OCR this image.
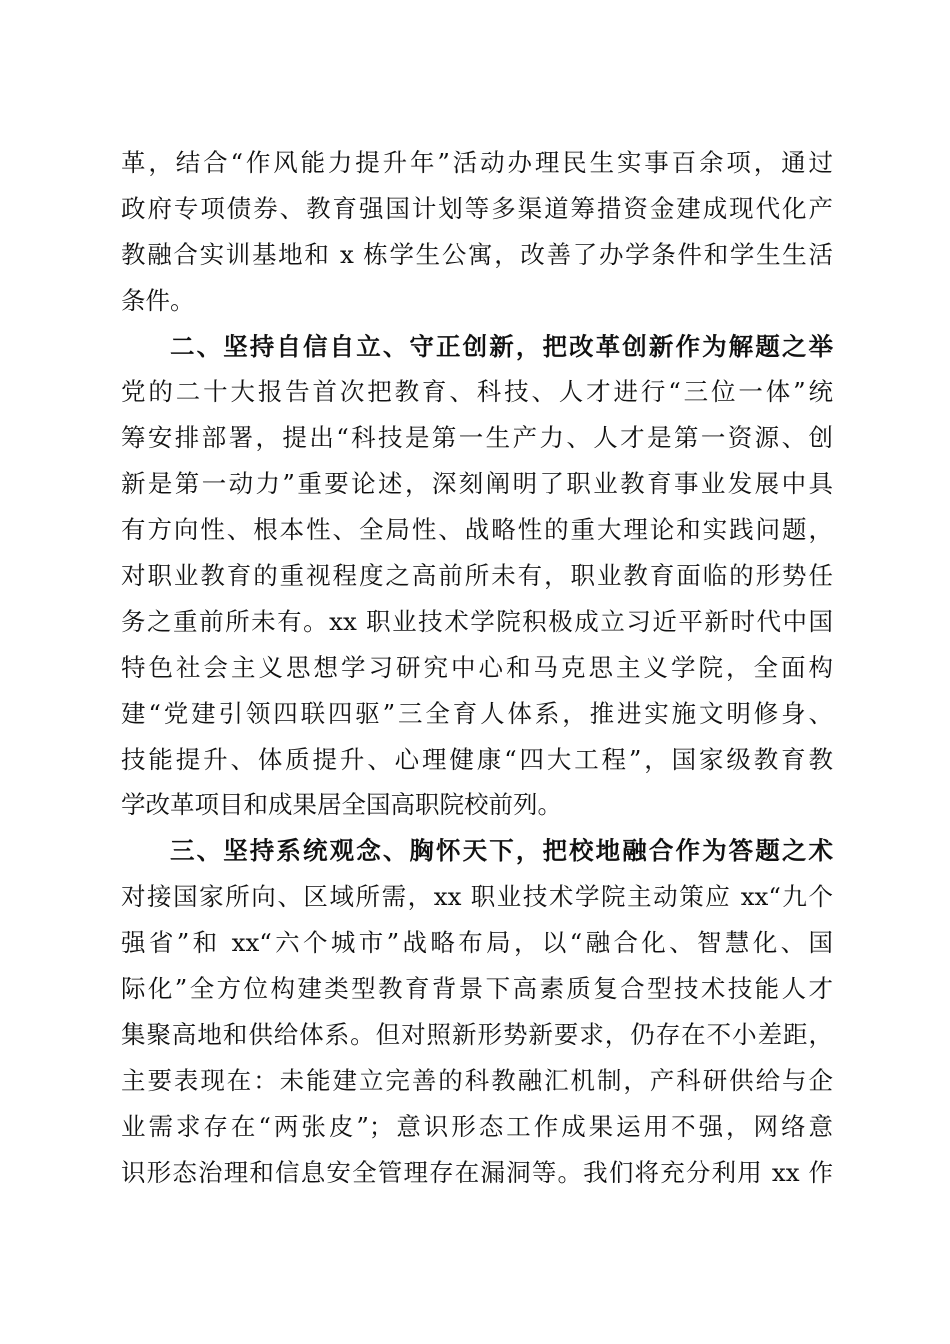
革，结合“作风能力提升年”活动办理民生实事百余项，通过
政府专项债券、教育强国计划等多渠道筹措资金建成现代化产
教融合实训基地和 x 栋学生公寓，改善了办学条件和学生生活
条件。
二、坚持自信自立、守正创新，把改革创新作为解题之举
党的二十大报告首次把教育、科技、人才进行“三位一体”统
筹安排部署，提出“科技是第一生产力、人才是第一资源、创
新是第一动力”重要论述，深刻阐明了职业教育事业发展中具
有方向性、根本性、全局性、战略性的重大理论和实践问题，
对职业教育的重视程度之高前所未有，职业教育面临的形势任
务之重前所未有。xx 职业技术学院积极成立习近平新时代中国
特色社会主义思想学习研究中心和马克思主义学院，全面构
建“党建引领四联四驱”三全育人体系，推进实施文明修身、
技能提升、体质提升、心理健康“四大工程”，国家级教育教
学改革项目和成果居全国高职院校前列。
三、坚持系统观念、胸怀天下，把校地融合作为答题之术
对接国家所向、区域所需，xx 职业技术学院主动策应 xx“九个
强省”和 xx“六个城市”战略布局，以“融合化、智慧化、国
际化”全方位构建类型教育背景下高素质复合型技术技能人才
集聚高地和供给体系。但对照新形势新要求，仍存在不小差距，
主要表现在：未能建立完善的科教融汇机制，产科研供给与企
业需求存在“两张皮”；意识形态工作成果运用不强，网络意
识形态治理和信息安全管理存在漏洞等。我们将充分利用 xx 作
